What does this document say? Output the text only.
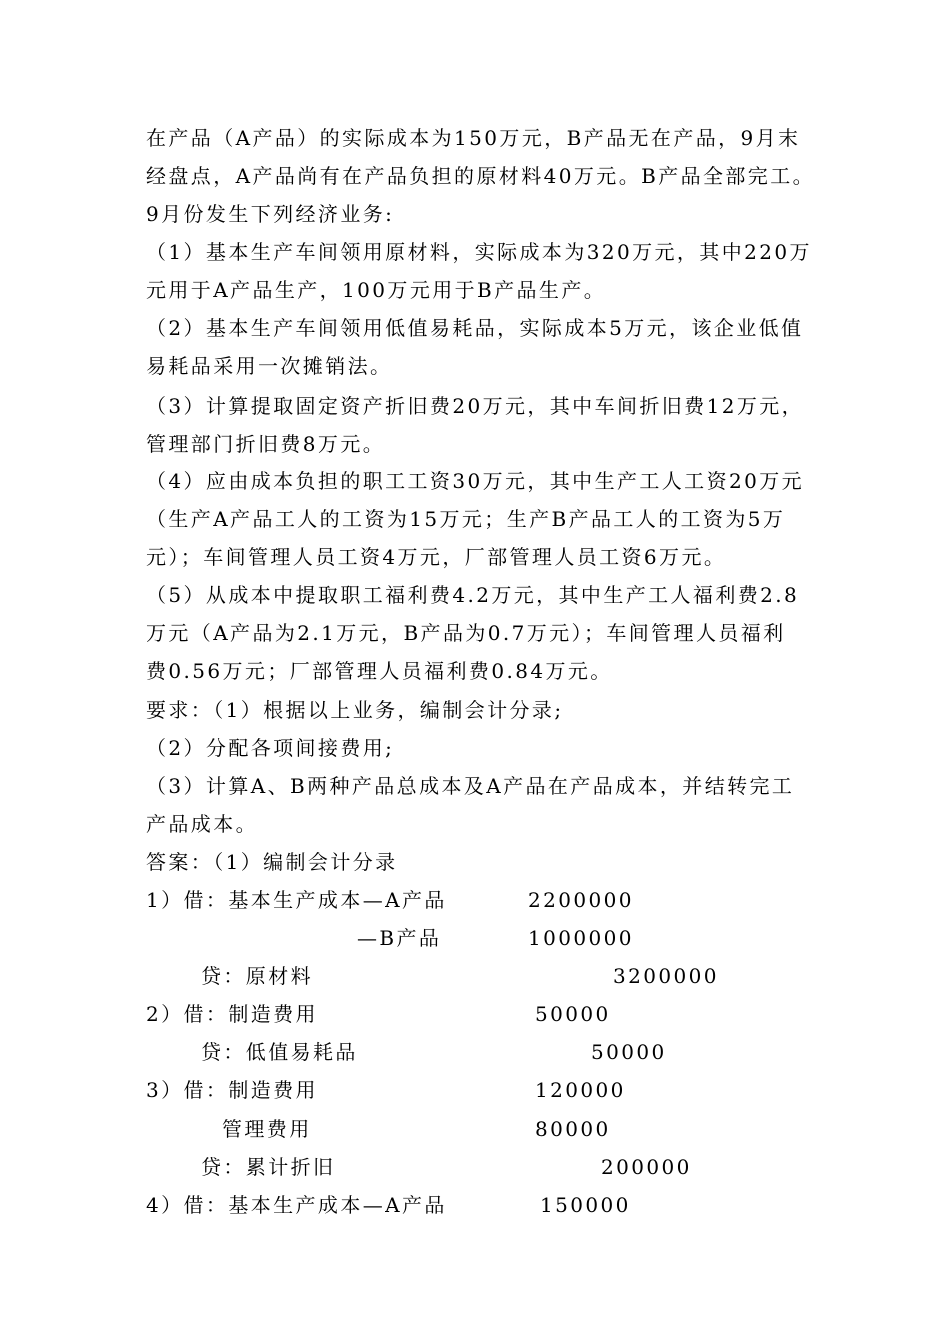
在产品（A产品）的实际成本为150万元，B产品无在产品，9月末

经盘点，A产品尚有在产品负担的原材料40万元。B产品全部完工。

9月份发生下列经济业务:

（1）基本生产车间领用原材料，实际成本为320万元，其中220万

元用于A产品生产，100万元用于B产品生产。

（2）基本生产车间领用低值易耗品，实际成本5万元，该企业低值

易耗品采用一次摊销法。

（3）计算提取固定资产折旧费20万元，其中车间折旧费12万元，

管理部门折旧费8万元。

（4）应由成本负担的职工工资30万元，其中生产工人工资20万元

（生产A产品工人的工资为15万元；生产B产品工人的工资为5万

元）；车间管理人员工资4万元，厂部管理人员工资6万元。

（5）从成本中提取职工福利费4.2万元，其中生产工人福利费2.8

万元（A产品为2.1万元，B产品为0.7万元）；车间管理人员福利

费0.56万元；厂部管理人员福利费0.84万元。

要求：（1）根据以上业务，编制会计分录;

（2）分配各项间接费用;

（3）计算A、B两种产品总成本及A产品在产品成本，并结转完工

产品成本。

答案：（1）编制会计分录

1）借：基本生产成本—A产品	2200000

—B产品	1000000

贷：原材料	3200000

2）借：制造费用	50000

贷：低值易耗品	50000

3）借：制造费用	120000

管理费用	80000

贷：累计折旧	200000

4）借：基本生产成本—A产品	150000
